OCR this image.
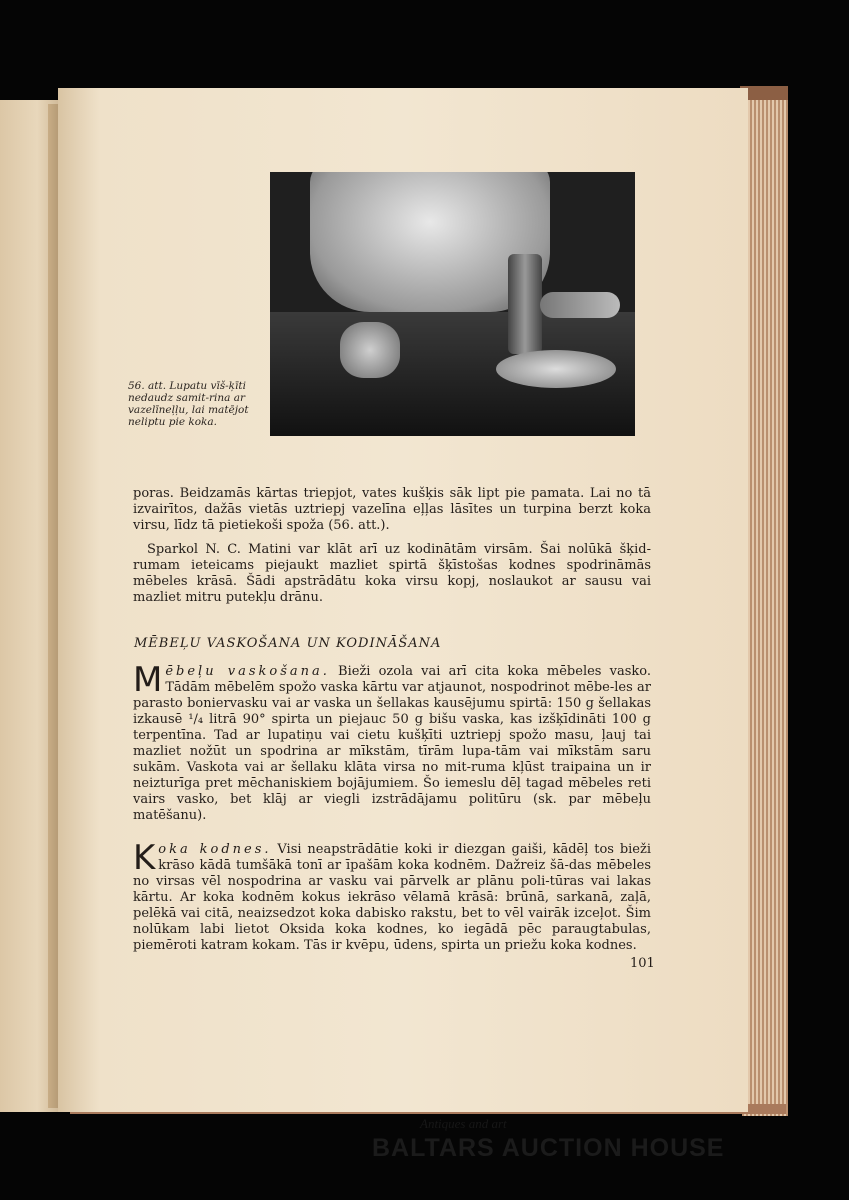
56. att. Lupatu vīš-ķīti nedaudz samit-rina ar vazelīneļļu, lai matējot neliptu pie koka.

poras. Beidzamās kārtas triepjot, vates kušķis sāk lipt pie pamata. Lai no tā izvairītos, dažās vietās uztriepj vazelīna eļļas lāsītes un turpina berzt koka virsu, līdz tā pietiekoši spoža (56. att.).

Sparkol N. C. Matini var klāt arī uz kodinātām virsām. Šai nolūkā šķid-rumam ieteicams piejaukt mazliet spirtā šķīstošas kodnes spodrināmās mēbeles krāsā. Šādi apstrādātu koka virsu kopj, noslaukot ar sausu vai mazliet mitru putekļu drānu.

MĒBEĻU VASKOŠANA UN KODINĀŠANA

Mēbeļu vaskošana. Bieži ozola vai arī cita koka mēbeles vasko. Tādām mēbelēm spožo vaska kārtu var atjaunot, nospodrinot mēbe-les ar parasto boniervasku vai ar vaska un šellakas kausējumu spirtā: 150 g šellakas izkausē ¹/₄ litrā 90° spirta un piejauc 50 g bišu vaska, kas izšķīdināti 100 g terpentīna. Tad ar lupatiņu vai cietu kušķīti uztriepj spožo masu, ļauj tai mazliet nožūt un spodrina ar mīkstām, tīrām lupa-tām vai mīkstām saru sukām. Vaskota vai ar šellaku klāta virsa no mit-ruma kļūst traipaina un ir neizturīga pret mēchaniskiem bojājumiem. Šo iemeslu dēļ tagad mēbeles reti vairs vasko, bet klāj ar viegli izstrādājamu politūru (sk. par mēbeļu matēšanu).

Koka kodnes. Visi neapstrādātie koki ir diezgan gaiši, kādēļ tos bieži krāso kādā tumšākā tonī ar īpašām koka kodnēm. Dažreiz šā-das mēbeles no virsas vēl nospodrina ar vasku vai pārvelk ar plānu poli-tūras vai lakas kārtu. Ar koka kodnēm kokus iekrāso vēlamā krāsā: brūnā, sarkanā, zaļā, pelēkā vai citā, neaizsedzot koka dabisko rakstu, bet to vēl vairāk izceļot. Šim nolūkam labi lietot Oksida koka kodnes, ko iegādā pēc paraugtabulas, piemēroti katram kokam. Tās ir kvēpu, ūdens, spirta un priežu koka kodnes.

101
Antiques and art
BALTARS AUCTION HOUSE
